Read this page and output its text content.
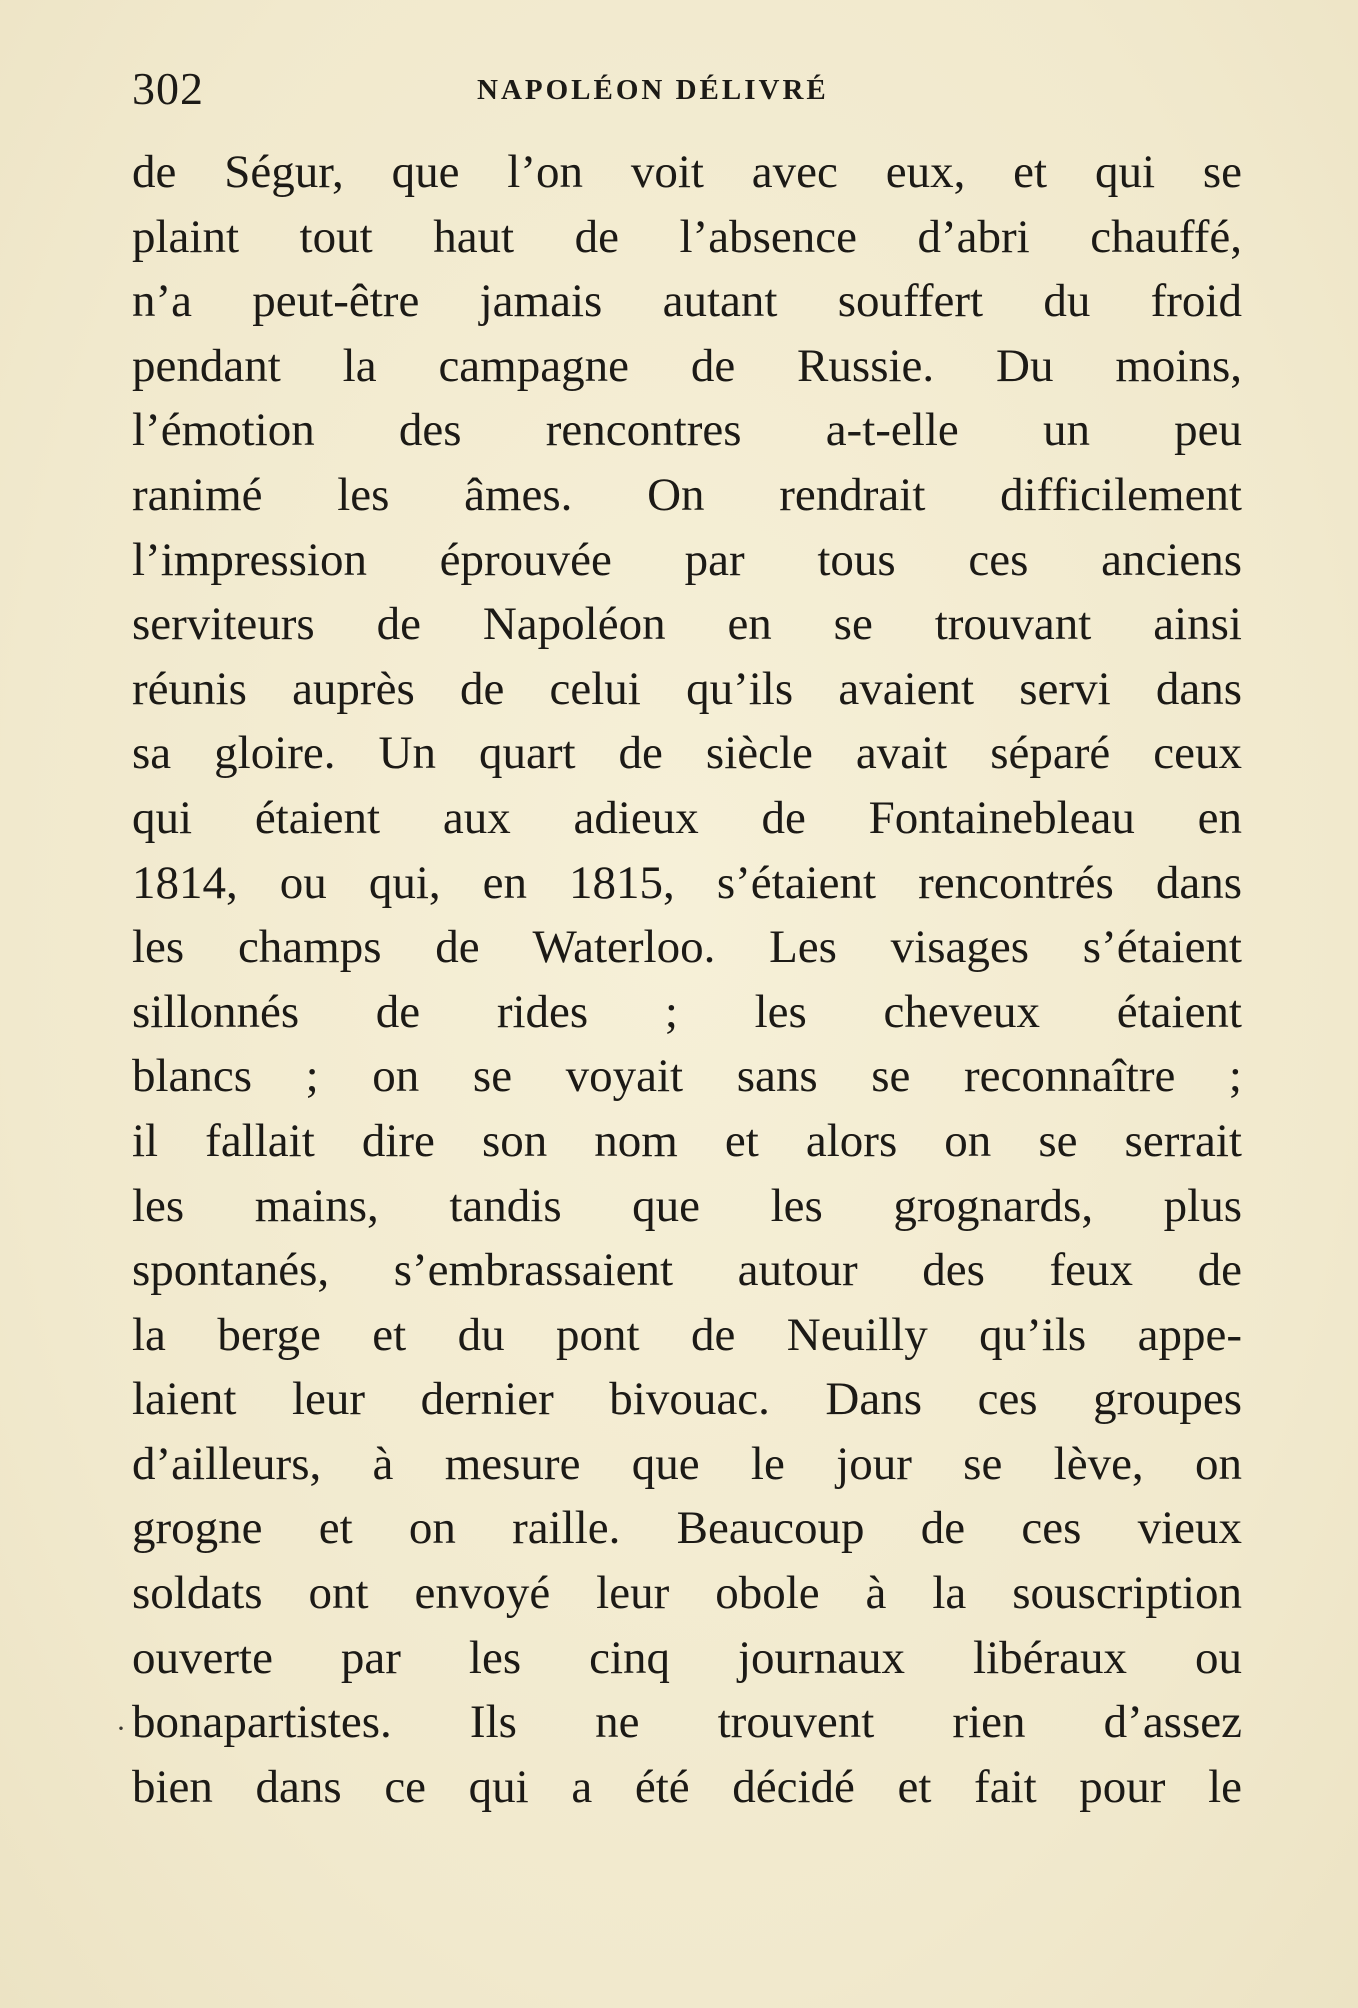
302	NAPOLÉON DÉLIVRÉ
de Ségur, que l’on voit avec eux, et qui se
plaint tout haut de l’absence d’abri chauffé,
n’a peut-être jamais autant souffert du froid
pendant la campagne de Russie. Du moins,
l’émotion des rencontres a-t-elle un peu
ranimé les âmes. On rendrait difficilement
l’impression éprouvée par tous ces anciens
serviteurs de Napoléon en se trouvant ainsi
réunis auprès de celui qu’ils avaient servi dans
sa gloire. Un quart de siècle avait séparé ceux
qui étaient aux adieux de Fontainebleau en
1814, ou qui, en 1815, s’étaient rencontrés dans
les champs de Waterloo. Les visages s’étaient
sillonnés de rides ; les cheveux étaient
blancs ; on se voyait sans se reconnaître ;
il fallait dire son nom et alors on se serrait
les mains, tandis que les grognards, plus
spontanés, s’embrassaient autour des feux de
la berge et du pont de Neuilly qu’ils appe-
laient leur dernier bivouac. Dans ces groupes
d’ailleurs, à mesure que le jour se lève, on
grogne et on raille. Beaucoup de ces vieux
soldats ont envoyé leur obole à la souscription
ouverte par les cinq journaux libéraux ou
bonapartistes. Ils ne trouvent rien d’assez
bien dans ce qui a été décidé et fait pour le
·
